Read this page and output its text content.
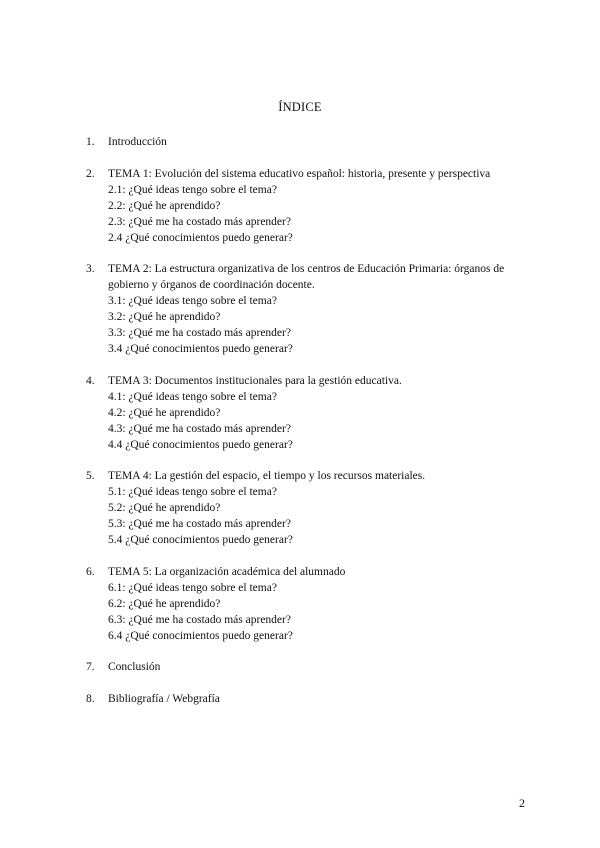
ÍNDICE
1.	Introducción
2.	TEMA 1: Evolución del sistema educativo español: historia, presente y perspectiva
2.1: ¿Qué ideas tengo sobre el tema?
2.2: ¿Qué he aprendido?
2.3: ¿Qué me ha costado más aprender?
2.4 ¿Qué conocimientos puedo generar?
3.	TEMA 2: La estructura organizativa de los centros de Educación Primaria: órganos de gobierno y órganos de coordinación docente.
3.1: ¿Qué ideas tengo sobre el tema?
3.2: ¿Qué he aprendido?
3.3: ¿Qué me ha costado más aprender?
3.4 ¿Qué conocimientos puedo generar?
4.	TEMA 3: Documentos institucionales para la gestión educativa.
4.1: ¿Qué ideas tengo sobre el tema?
4.2: ¿Qué he aprendido?
4.3: ¿Qué me ha costado más aprender?
4.4 ¿Qué conocimientos puedo generar?
5.	TEMA 4: La gestión del espacio, el tiempo y los recursos materiales.
5.1: ¿Qué ideas tengo sobre el tema?
5.2: ¿Qué he aprendido?
5.3: ¿Qué me ha costado más aprender?
5.4 ¿Qué conocimientos puedo generar?
6.	TEMA 5: La organización académica del alumnado
6.1: ¿Qué ideas tengo sobre el tema?
6.2: ¿Qué he aprendido?
6.3: ¿Qué me ha costado más aprender?
6.4 ¿Qué conocimientos puedo generar?
7.	Conclusión
8.	Bibliografía / Webgrafía
2
